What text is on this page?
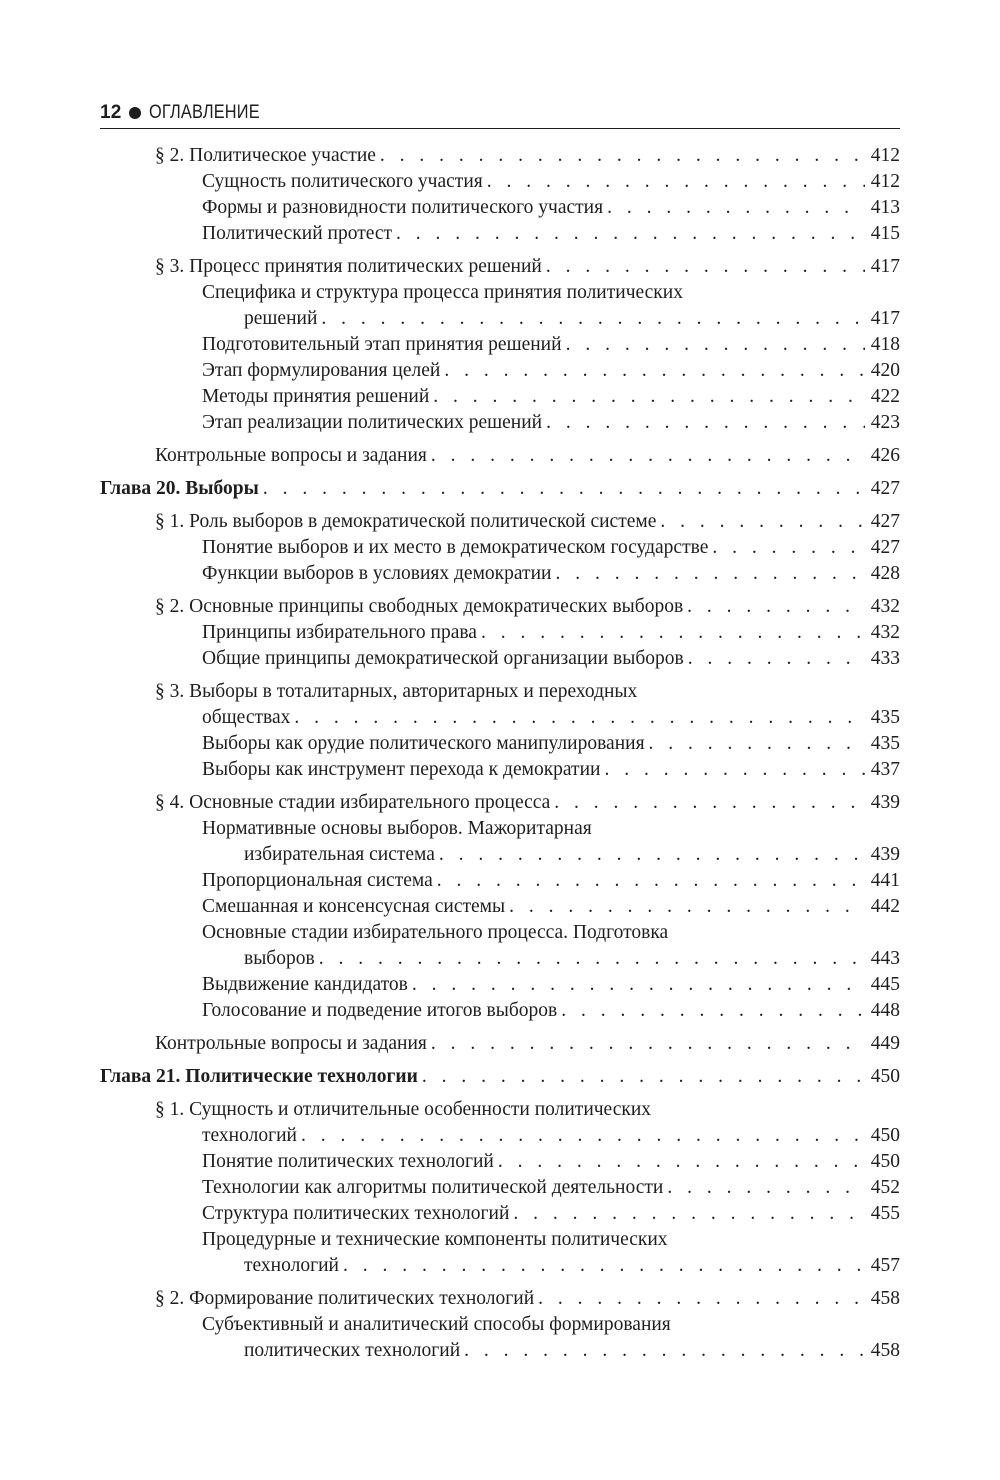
12 ОГЛАВЛЕНИЕ
§ 2. Политическое участие . . .	412
Сущность политического участия . . .	412
Формы и разновидности политического участия . . .	413
Политический протест . . .	415
§ 3. Процесс принятия политических решений . . .	417
Специфика и структура процесса принятия политических
решений . . .	417
Подготовительный этап принятия решений . . .	418
Этап формулирования целей . . .	420
Методы принятия решений . . .	422
Этап реализации политических решений . . .	423
Контрольные вопросы и задания . . .	426
Глава 20. Выборы . . .	427
§ 1. Роль выборов в демократической политической системе . . .	427
Понятие выборов и их место в демократическом государстве . . .	427
Функции выборов в условиях демократии . . .	428
§ 2. Основные принципы свободных демократических выборов . . .	432
Принципы избирательного права . . .	432
Общие принципы демократической организации выборов . . .	433
§ 3. Выборы в тоталитарных, авторитарных и переходных
обществах . . .	435
Выборы как орудие политического манипулирования . . .	435
Выборы как инструмент перехода к демократии . . .	437
§ 4. Основные стадии избирательного процесса . . .	439
Нормативные основы выборов. Мажоритарная
избирательная система . . .	439
Пропорциональная система . . .	441
Смешанная и консенсусная системы . . .	442
Основные стадии избирательного процесса. Подготовка
выборов . . .	443
Выдвижение кандидатов . . .	445
Голосование и подведение итогов выборов . . .	448
Контрольные вопросы и задания . . .	449
Глава 21. Политические технологии . . .	450
§ 1. Сущность и отличительные особенности политических
технологий . . .	450
Понятие политических технологий . . .	450
Технологии как алгоритмы политической деятельности . . .	452
Структура политических технологий . . .	455
Процедурные и технические компоненты политических
технологий . . .	457
§ 2. Формирование политических технологий . . .	458
Субъективный и аналитический способы формирования
политических технологий . . .	458
